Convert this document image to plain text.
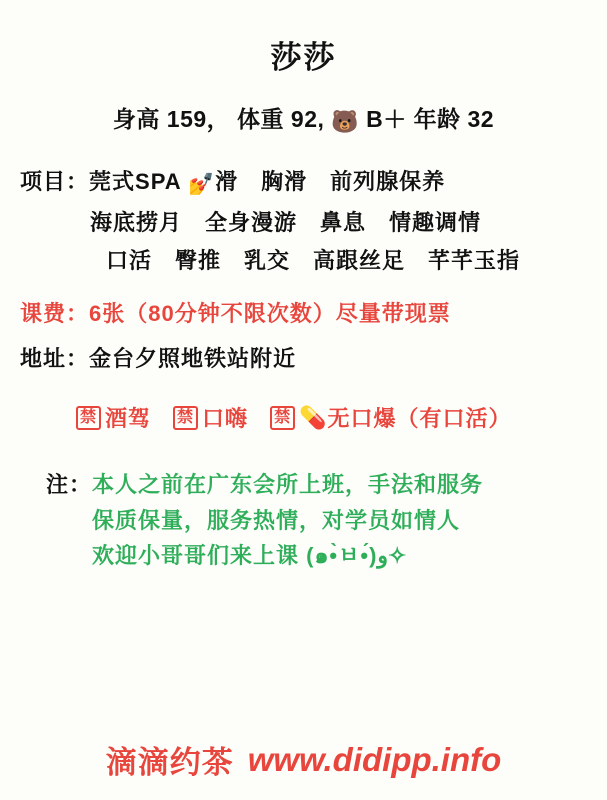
莎莎
身高 159， 体重 92, 🐻 B＋ 年龄 32
项目：莞式SPA 💅滑　胸滑　前列腺保养
海底捞月　全身漫游　鼻息　情趣调情
口活　臀推　乳交　高跟丝足　芊芊玉指
课费：6张（80分钟不限次数）尽量带现票
地址：金台夕照地铁站附近
禁 酒驾 禁 口嗨 禁 💊 无口爆（有口活）
注： 本人之前在广东会所上班，手法和服务
保质保量，服务热情，对学员如情人
欢迎小哥哥们来上课 (๑•̀ㅂ•́)و✧
滴滴约茶 www.didipp.info
